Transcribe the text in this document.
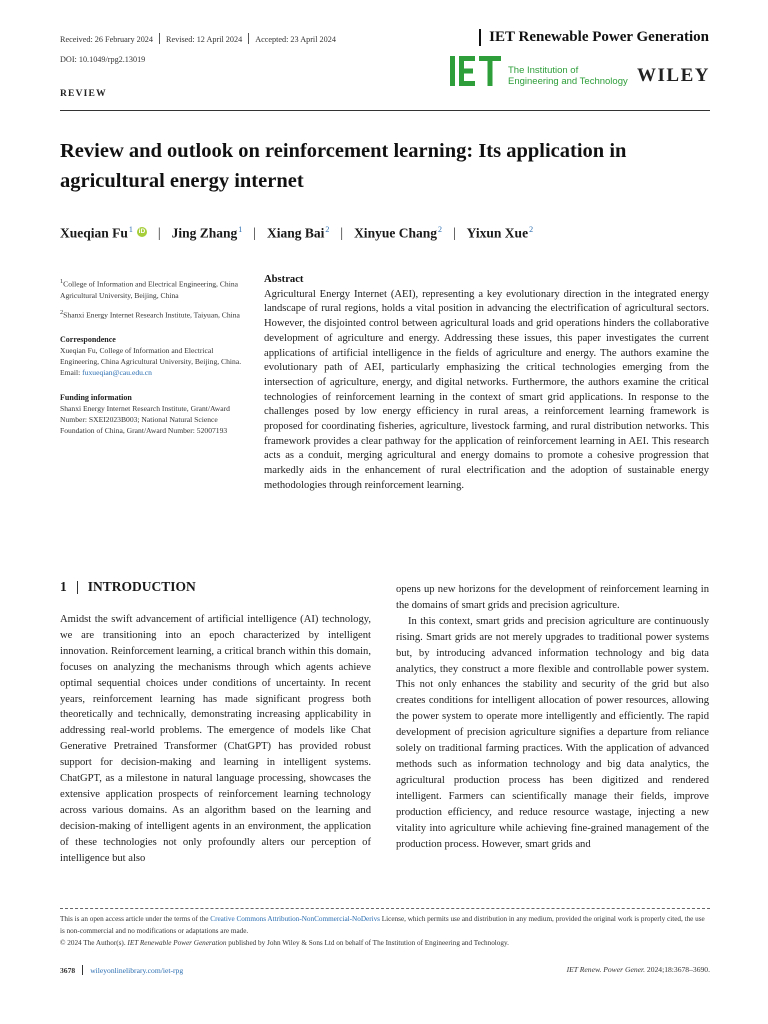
Received: 26 February 2024 Revised: 12 April 2024 Accepted: 23 April 2024	IET Renewable Power Generation
DOI: 10.1049/rpg2.13019
The Institution of
Engineering and Technology WILEY
REVIEW
Review and outlook on reinforcement learning: Its application in agricultural energy internet
Xueqian Fu$^1$ iD | Jing Zhang$^1$ | Xiang Bai$^2$ | Xinyue Chang$^2$ | Yixun Xue$^2$
$^1$College of Information and Electrical Engineering, China Agricultural University, Beijing, China
$^2$Shanxi Energy Internet Research Institute, Taiyuan, China
Correspondence
Xueqian Fu, College of Information and Electrical Engineering, China Agricultural University, Beijing, China.
Email: fuxueqian@cau.edu.cn
Funding information
Shanxi Energy Internet Research Institute, Grant/Award Number: SXEI2023B003; National Natural Science Foundation of China, Grant/Award Number: 52007193
Abstract
Agricultural Energy Internet (AEI), representing a key evolutionary direction in the integrated energy landscape of rural regions, holds a vital position in advancing the electrification of agricultural sectors. However, the disjointed control between agricultural loads and grid operations hinders the collaborative development of agriculture and energy. Addressing these issues, this paper investigates the current applications of artificial intelligence in the fields of agriculture and energy. The authors examine the evolutionary path of AEI, particularly emphasizing the critical technologies emerging from the intersection of agriculture, energy, and digital networks. Furthermore, the authors examine the critical technologies of reinforcement learning in the context of smart grid applications. In response to the challenges posed by low energy efficiency in rural areas, a reinforcement learning framework is proposed for coordinating fisheries, agriculture, livestock farming, and rural distribution networks. This framework provides a clear pathway for the application of reinforcement learning in AEI. This research acts as a conduit, merging agricultural and energy domains to promote a cohesive progression that markedly aids in the enhancement of rural electrification and the adoption of sustainable energy methodologies through reinforcement learning.
1 INTRODUCTION
Amidst the swift advancement of artificial intelligence (AI) technology, we are transitioning into an epoch characterized by intelligent innovation. Reinforcement learning, a critical branch within this domain, focuses on analyzing the mechanisms through which agents achieve optimal sequential choices under conditions of uncertainty. In recent years, reinforcement learning has made significant progress both theoretically and technically, demonstrating increasing applicability in addressing real-world problems. The emergence of models like Chat Generative Pretrained Transformer (ChatGPT) has provided robust support for decision-making and learning in intelligent systems. ChatGPT, as a milestone in natural language processing, showcases the extensive application prospects of reinforcement learning technology across various domains. As an algorithm based on the learning and decision-making of intelligent agents in an environment, the application of these technologies not only profoundly alters our perception of intelligence but also

opens up new horizons for the development of reinforcement learning in the domains of smart grids and precision agriculture.

In this context, smart grids and precision agriculture are continuously rising. Smart grids are not merely upgrades to traditional power systems but, by introducing advanced information technology and big data analytics, they construct a more flexible and controllable power system. This not only enhances the stability and security of the grid but also creates conditions for intelligent allocation of power resources, allowing the power system to operate more intelligently and efficiently. The rapid development of precision agriculture signifies a departure from reliance solely on traditional farming practices. With the application of advanced methods such as information technology and big data analytics, the agricultural production process has been digitized and rendered intelligent. Farmers can scientifically manage their fields, improve production efficiency, and reduce resource wastage, injecting a new vitality into agriculture while achieving fine-grained management of the production process. However, smart grids and

This is an open access article under the terms of the Creative Commons Attribution-NonCommercial-NoDerivs License, which permits use and distribution in any medium, provided the original work is properly cited, the use is non-commercial and no modifications or adaptations are made.
© 2024 The Author(s). IET Renewable Power Generation published by John Wiley & Sons Ltd on behalf of The Institution of Engineering and Technology.
3678 wileyonlinelibrary.com/iet-rpg	IET Renew. Power Gener. 2024;18:3678–3690.
